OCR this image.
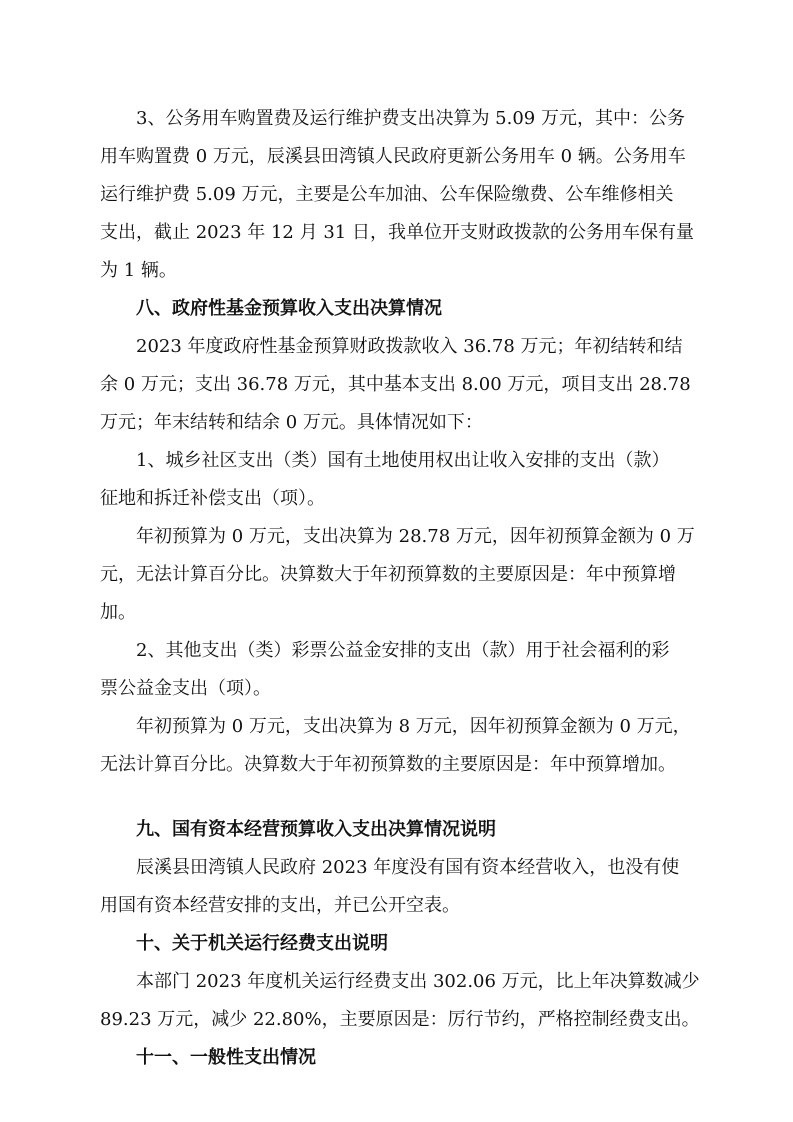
3、公务用车购置费及运行维护费支出决算为 5.09 万元，其中：公务
用车购置费 0 万元，辰溪县田湾镇人民政府更新公务用车 0 辆。公务用车
运行维护费 5.09 万元，主要是公车加油、公车保险缴费、公车维修相关
支出，截止 2023 年 12 月 31 日，我单位开支财政拨款的公务用车保有量
为 1 辆。
八、政府性基金预算收入支出决算情况
2023 年度政府性基金预算财政拨款收入 36.78 万元；年初结转和结
余 0 万元；支出 36.78 万元，其中基本支出 8.00 万元，项目支出 28.78
万元；年末结转和结余 0 万元。具体情况如下：
1、城乡社区支出（类）国有土地使用权出让收入安排的支出（款）
征地和拆迁补偿支出（项）。
年初预算为 0 万元，支出决算为 28.78 万元，因年初预算金额为 0 万
元，无法计算百分比。决算数大于年初预算数的主要原因是：年中预算增
加。
2、其他支出（类）彩票公益金安排的支出（款）用于社会福利的彩
票公益金支出（项）。
年初预算为 0 万元，支出决算为 8 万元，因年初预算金额为 0 万元，
无法计算百分比。决算数大于年初预算数的主要原因是：年中预算增加。
九、国有资本经营预算收入支出决算情况说明
辰溪县田湾镇人民政府 2023 年度没有国有资本经营收入，也没有使
用国有资本经营安排的支出，并已公开空表。
十、关于机关运行经费支出说明
本部门 2023 年度机关运行经费支出 302.06 万元，比上年决算数减少
89.23 万元，减少 22.80%，主要原因是：厉行节约，严格控制经费支出。
十一、一般性支出情况
